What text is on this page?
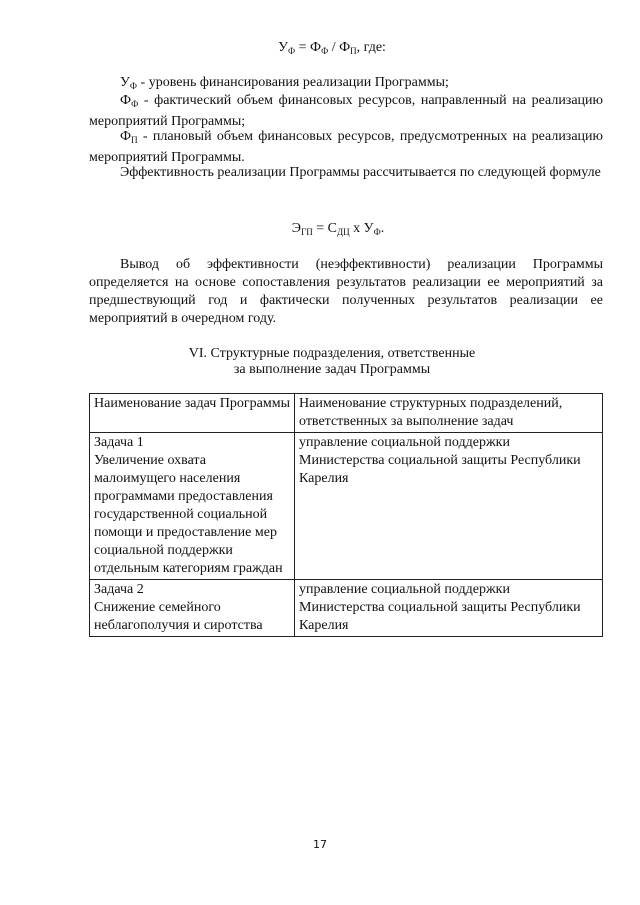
$У_Ф = Ф_Ф / Ф_П$, где:
$У_Ф$ - уровень финансирования реализации Программы;
$Ф_Ф$ - фактический объем финансовых ресурсов, направленный на реализацию мероприятий Программы;
$Ф_П$ - плановый объем финансовых ресурсов, предусмотренных на реализацию мероприятий Программы.
Эффективность реализации Программы рассчитывается по следующей формуле
$Э_{ГП} = С_{ДЦ}$ х $У_Ф$.
Вывод об эффективности (неэффективности) реализации Программы определяется на основе сопоставления результатов реализации ее мероприятий за предшествующий год и фактически полученных результатов реализации ее мероприятий в очередном году.
VI. Структурные подразделения, ответственные
за выполнение задач Программы
Наименование задач Программы	Наименование структурных подразделений, ответственных за выполнение задач

Задача 1
Увеличение охвата малоимущего населения программами предоставления государственной социальной помощи и предоставление мер социальной поддержки отдельным категориям граждан	управление социальной поддержки Министерства социальной защиты Республики Карелия

Задача 2
Снижение семейного неблагополучия и сиротства	управление социальной поддержки Министерства социальной защиты Республики Карелия
17
